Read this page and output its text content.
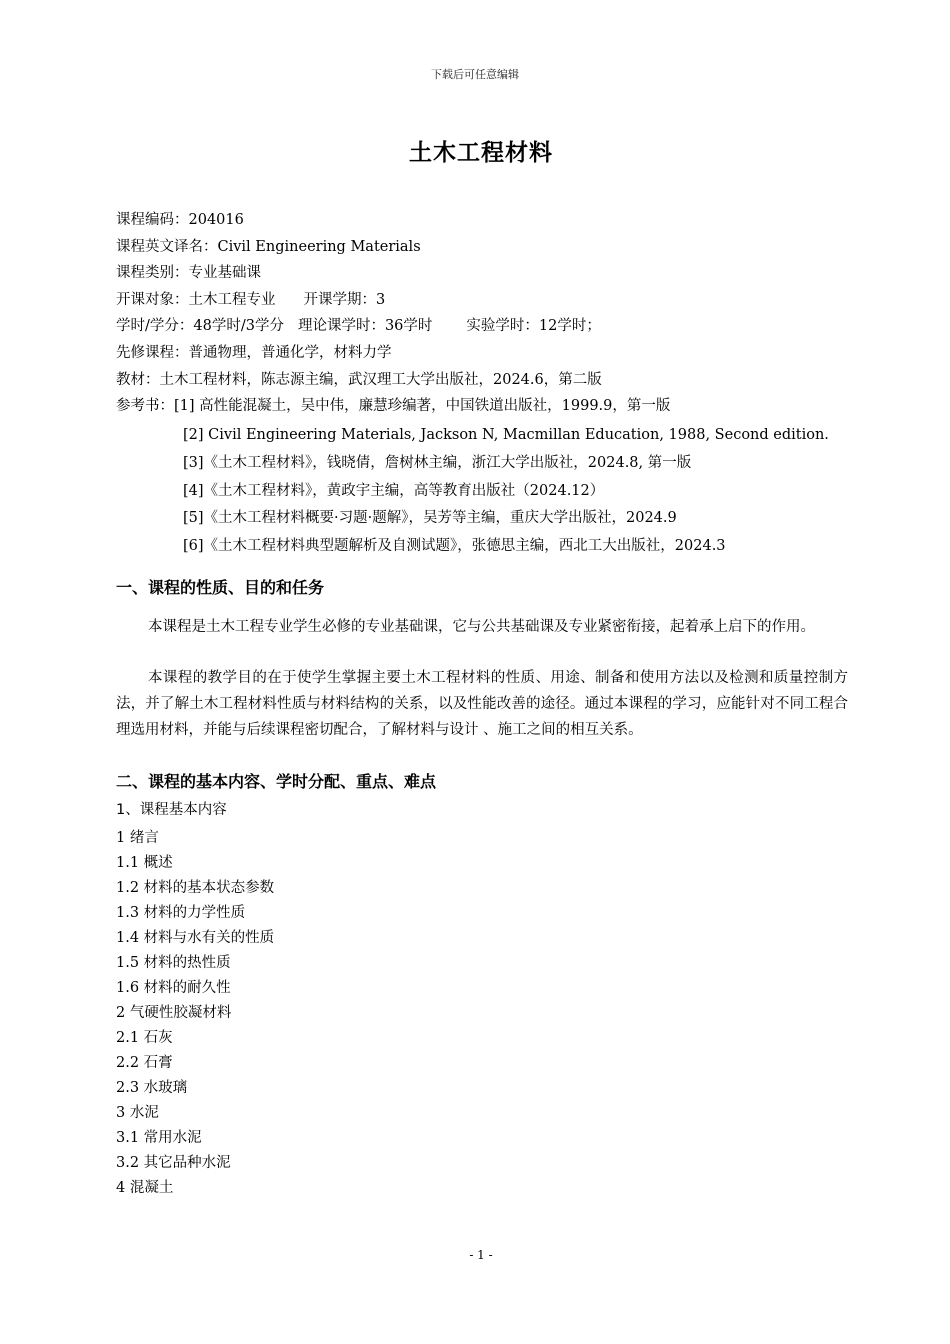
下载后可任意编辑
土木工程材料
课程编码：204016
课程英文译名：Civil Engineering Materials
课程类别：专业基础课
开课对象：土木工程专业 开课学期：3
学时/学分：48学时/3学分 理论课学时：36学时 实验学时：12学时；
先修课程：普通物理，普通化学，材料力学
教材：土木工程材料，陈志源主编，武汉理工大学出版社，2024.6，第二版
参考书：[1] 高性能混凝土，吴中伟，廉慧珍编著，中国铁道出版社，1999.9，第一版
[2] Civil Engineering Materials, Jackson N, Macmillan Education, 1988, Second edition.
[3]《土木工程材料》，钱晓倩，詹树林主编，浙江大学出版社，2024.8, 第一版
[4]《土木工程材料》，黄政宇主编，高等教育出版社（2024.12）
[5]《土木工程材料概要·习题·题解》，吴芳等主编，重庆大学出版社，2024.9
[6]《土木工程材料典型题解析及自测试题》，张德思主编，西北工大出版社，2024.3
一、课程的性质、目的和任务
本课程是土木工程专业学生必修的专业基础课，它与公共基础课及专业紧密衔接，起着承上启下的作用。
本课程的教学目的在于使学生掌握主要土木工程材料的性质、用途、制备和使用方法以及检测和质量控制方法，并了解土木工程材料性质与材料结构的关系，以及性能改善的途径。通过本课程的学习，应能针对不同工程合理选用材料，并能与后续课程密切配合，了解材料与设计 、施工之间的相互关系。
二、课程的基本内容、学时分配、重点、难点
1、课程基本内容
1 绪言
1.1 概述
1.2 材料的基本状态参数
1.3 材料的力学性质
1.4 材料与水有关的性质
1.5 材料的热性质
1.6 材料的耐久性
2 气硬性胶凝材料
2.1 石灰
2.2 石膏
2.3 水玻璃
3 水泥
3.1 常用水泥
3.2 其它品种水泥
4 混凝土
- 1 -
